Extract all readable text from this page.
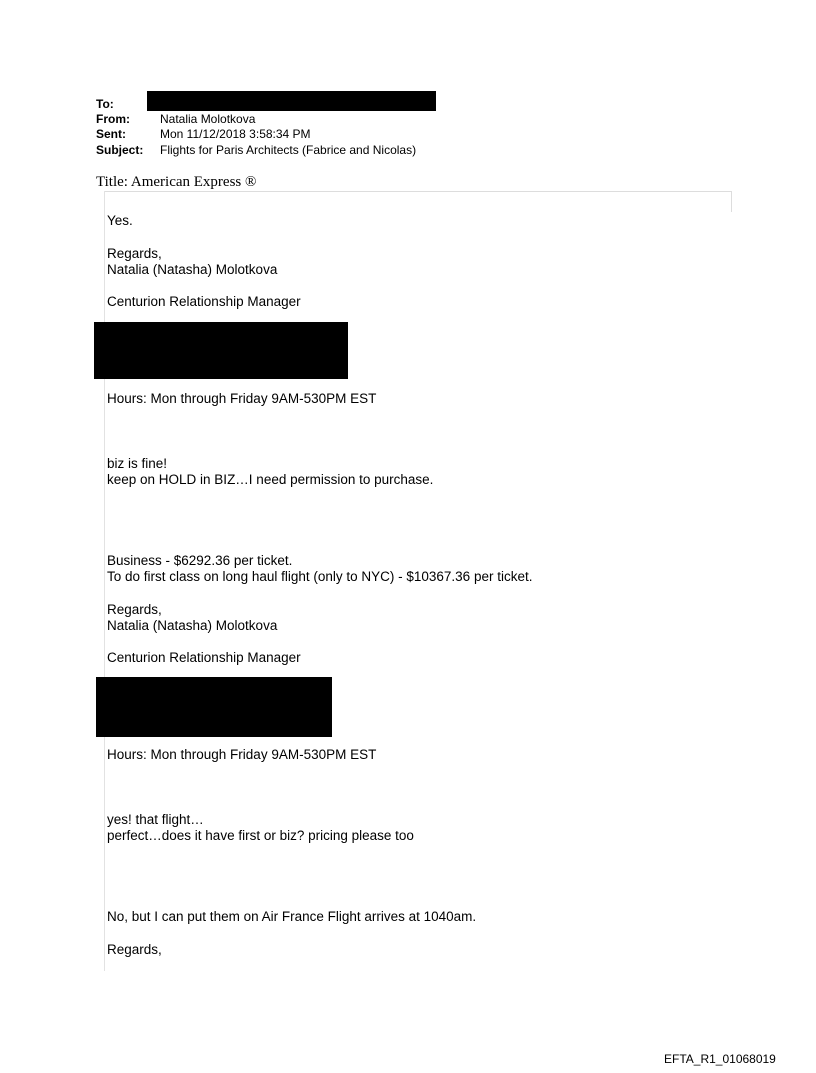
To:
From:	Natalia Molotkova
Sent:	Mon 11/12/2018 3:58:34 PM
Subject: Flights for Paris Architects (Fabrice and Nicolas)
Title: American Express ®
Yes.
Regards,
Natalia (Natasha) Molotkova
Centurion Relationship Manager
Hours: Mon through Friday 9AM-530PM EST
biz is fine!
keep on HOLD in BIZ…I need permission to purchase.
Business - $6292.36 per ticket.
To do first class on long haul flight (only to NYC) - $10367.36 per ticket.
Regards,
Natalia (Natasha) Molotkova
Centurion Relationship Manager
Hours: Mon through Friday 9AM-530PM EST
yes! that flight…
perfect…does it have first or biz? pricing please too
No, but I can put them on Air France Flight arrives at 1040am.
Regards,
EFTA_R1_01068019
